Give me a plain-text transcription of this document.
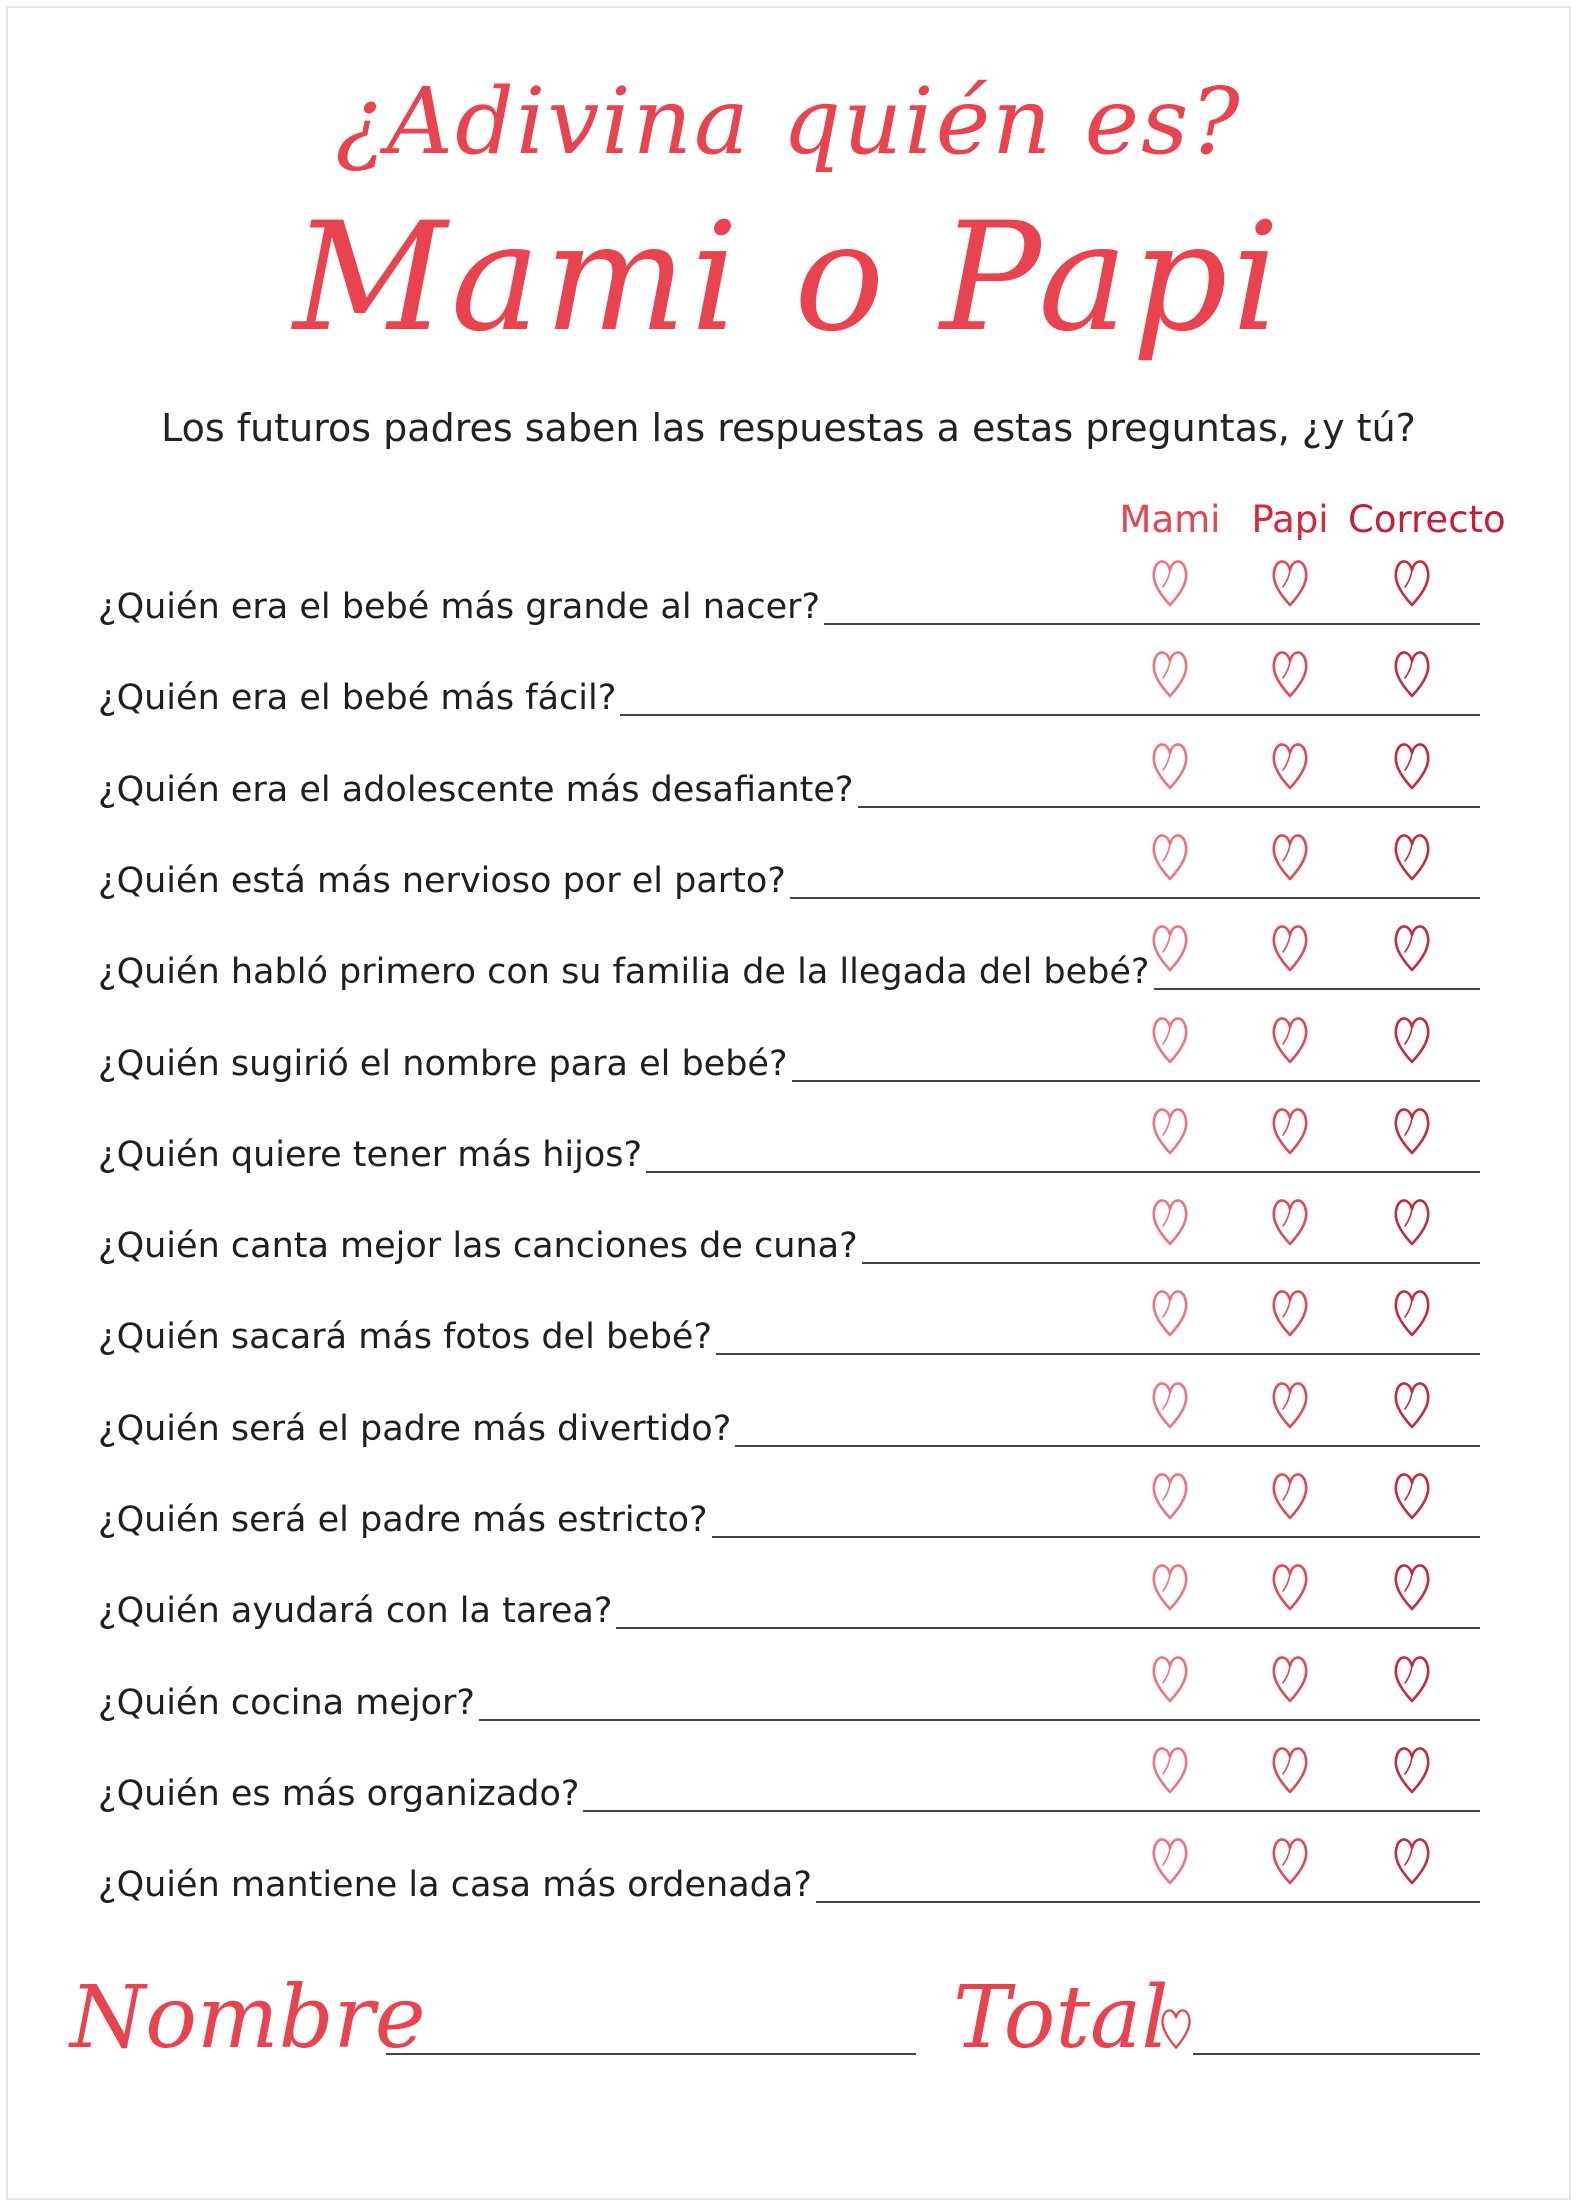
¿Adivina quién es?
Mami o Papi
Los futuros padres saben las respuestas a estas preguntas, ¿y tú?
Mami Papi Correcto
¿Quién era el bebé más grande al nacer?
¿Quién era el bebé más fácil?
¿Quién era el adolescente más desafiante?
¿Quién está más nervioso por el parto?
¿Quién habló primero con su familia de la llegada del bebé?
¿Quién sugirió el nombre para el bebé?
¿Quién quiere tener más hijos?
¿Quién canta mejor las canciones de cuna?
¿Quién sacará más fotos del bebé?
¿Quién será el padre más divertido?
¿Quién será el padre más estricto?
¿Quién ayudará con la tarea?
¿Quién cocina mejor?
¿Quién es más organizado?
¿Quién mantiene la casa más ordenada?
Nombre	Total
